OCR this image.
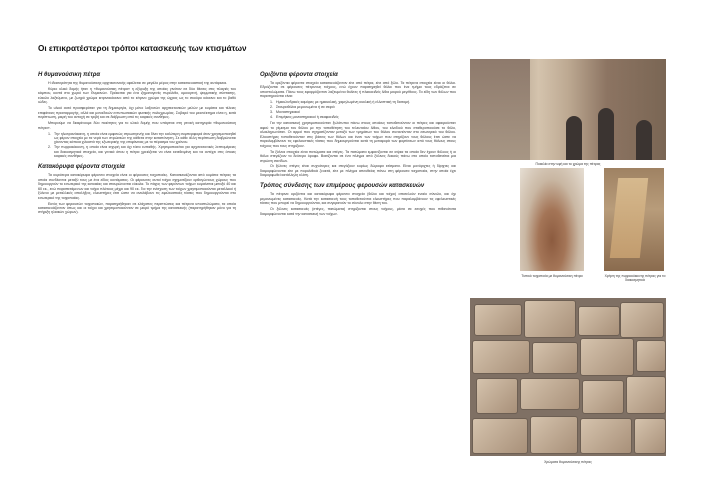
Οι επικρατέστεροι τρόποι κατασκευής των κτισμάτων
Η θυμανούσικη πέτρα
Η ιδιαιτερότητα της θυμανούσικης αρχιτεκτονικής οφείλεται σε μεγάλο μέρος στην κατασκευαστική της αυτάρκεια.
Κύριο υλικό δομής ήταν η «θυμανούσικη πέτρα» η εξόρυξη της οποίας γινόταν σε δύο θέσεις στις πλαγιές του κάμπου, κοντά στο χωριό των Θυμιανών. Πρόκειται για ένα ιζηματογενές πυρόλιθο, ομοιογενή, ψαμμιτικής σύστασης, εύκολο λαξεύμενο, με ζωηρό χρώμα κιτρινοκόκκινο από το κίτρινο χρώμα της ώχρας ως το σκούρο κόκκινο και το βαθύ ιώδες.
Το υλικό αυτό προσφερόταν για τη δημιουργία, όχι μόνο λαξευτών αρχιτεκτονικών μελών με κυμάτια και τέλειες επιφάνειες προσαρμογής, αλλά και μοναδικών εντυπωσιακών φυσικής πολυχρωμίας. Σοβαρό του μειονέκτημα είναι η, κατά περίπτωση, μικρή του αντοχή σε τριβή και σε διάβρωση από τις καιρικές συνθήκες.
Μπορούμε να διακρίνουμε δύο ποιότητες για το υλικό δομής που υπάγεται στη γενική κατηγορία «θυμανούσικη πέτρα».
1. Την ηλιοτρανόκαινη, η οποία είναι εμφανώς στρωσιγενής και δίνει την καλύτερη συμπεριφορά όταν χρησιμοποιηθεί ως φέρον στοιχείο με τα νερά των στρώσεών της κάθετα στην καταπόνηση. Σε κάθε άλλη περίπτωση διαβρώνεται χάνοντας κάποια χιλιοστά της εξωτερικής της επιφάνειας με το πέρασμα του χρόνου.
2. Την πυρροκόκκινη, η οποία είναι ισχυρή και όχι τόσο ευπαθής. Χρησιμοποιείται για αρχιτεκτονικές λεπτομέρειες και διακοσμητικά στοιχεία, και γενικά όπου η πέτρα χρειάζεται να είναι εκτεθειμένη και να αντέχει στις όποιες καιρικές συνθήκες.
Κατακόρυφα φέροντα στοιχεία
Τα κυριότερα κατακόρυφα φέροντα στοιχεία είναι οι φέρουσες τοιχοποιίες. Κατασκευάζονται από κυμάτια πέτρας τα οποία συνδέονται μεταξύ τους με ένα είδος κονιάματος. Οι φέρουσες αυτοί τοίχοι σχηματίζουν ορθογώνιους χώρους που δημιουργούν το εσωτερικό της κατοικίας και σταυρώνονται εύκολα. Το πάχος των φερόντων τοίχων κυμαίνεται μεταξύ 40 και 60 εκ., ενώ παραπετάμενων και τοίχοι πλάτους μέχρι και 90 εκ. Για την ενίσχυση των τοίχων χρησιμοποιούνται μεταλλικοί ή ξύλινοι με μεταλλικές απολήξεις, ελκυστήρες έτσι ώστε να αναλάβουν τις εφελκυστικές τάσεις που δημιουργούνται στο εσωτερικό της τοιχοποιίας.
Εκτός των φερουσών τοιχοποιιών, παρατηρήθηκαν σε ελάχιστες περιπτώσεις και πέτρινα υποστυλώματα, τα οποία κατασκευάζονταν όπως και οι τοίχοι και χρησιμοποιούνταν σε μικρό τμήμα της κατασκευής (παρατηρήθηκαν μόνο για τη στήριξη ηλιακών χώρων).
Οριζόντια φέροντα στοιχεία
Τα οριζόντια φέροντα στοιχεία κατασκευάζονταν είτε από πέτρα, είτε από ξύλο. Τα πέτρινα στοιχεία είναι οι θόλοι. Εδράζονται σε φέρουσες πέτρινους τοίχους, ενώ έχουν παρατηρηθεί θόλοι που ένα τμήμα τους εδράζεται σε υποστυλώματα. Πάνω τους εφαρμόζονταν λαξευμένοι θολίτες ή πλακοειδείς λίθοι μικρού μεγέθους. Τα είδη των θόλων που παρατηρούνται είναι:
1. Ημικυλινδρικές καμάρες με ημικυκλική, χαμηλωμένη κυκλική ή ελλειπτική τη διατομή.
2. Σταυροθόλια μεμονωμένα ή σε σειρά
3. Μοναστηριακοί
4. Επιμήκεις μοναστηριακοί ή σκαφοειδείς
Για την κατασκευή χρησιμοποιούνταν ξυλότυποι πάνω στους οποίους τοποθετούνταν οι πέτρες και αφαιρούνταν αφού το γέμισμα του θόλου με την τοποθέτηση του τελευταίου λίθου, του κλειδιού που σταθεροποιούσε το θόλο, ολοκληρωνόταν. Οι αρμοί που σχηματίζονταν μεταξύ των τμημάτων του θόλου συνανιόνταν στο εσωτερικό του θόλου. Ελκυστήρες τοποθετούνταν στις βάσεις των θόλων και έναν των τοίχων που στηρίζουν τους θόλους έτσι ώστε να παραλαμβάνουν τις εφελκυστικές τάσεις που δημιουργούνται κατά τη μεταφορά των φορτίσεων από τους θόλους στους τοίχους που τους στηρίζουν.
Τα ξύλινα στοιχεία είναι πατώματα και στέγες. Τα πατώματα εμφανίζονται σε κτίρια τα οποία δεν έχουν θόλους ή οι θόλοι στεγάζουν το δεύτερο όροφο. Βασίζονται σε ένα πλέγμα από ξύλινες δοκούς πάνω στο οποίο τοποθετείται μια στρώση σανίδων.
Οι ξύλινες στέγες είναι συχνότερες και στεγάζουν κυρίως δώροφα κτίσματα. Είναι μονόριχτες ή δίριχτες και διαμορφώνονται είτε με πορολιθικά ζευκτά, είτε με πλέγμα απευθείας πάνω στη φέρουσα τοιχοποιία, στην οποία έχει διαμορφωθεί κατάλληλη κλίση.
Τρόπος σύνδεσης των επιμέρους φερουσών κατασκευών
Τα πέτρινα οριζόντια και κατακόρυφα φέροντα στοιχεία (θόλοι και τοίχοι) αποτελούν ενιαίο σύνολο, και όχι μεμονωμένες κατασκευές. Κατά την κατασκευή τους τοποθετούνται ελκυστήρες που παραλαμβάνουν τις εφελκυστικές τάσεις που μπορεί να δημιουργούνται, και συγκρατούν το σύνολο στην θέση του.
Οι ξύλινες κατασκευές (στέγες, πατώματα) στηρίζονται στους τοίχους, μέσα σε εσοχές που πιθανότατα διαμορφώνονται κατά την κατασκευή των τοίχων.
Ποικιλία στην υφή και το χρώμα της πέτρας
Τυπικό τοιχοποιία με θυμανούσικη πέτρα	Χρήση της πυρροκόκκινης πέτρας για τα διακοσμητικά
Χρώματα θυμανούσικης πέτρας
